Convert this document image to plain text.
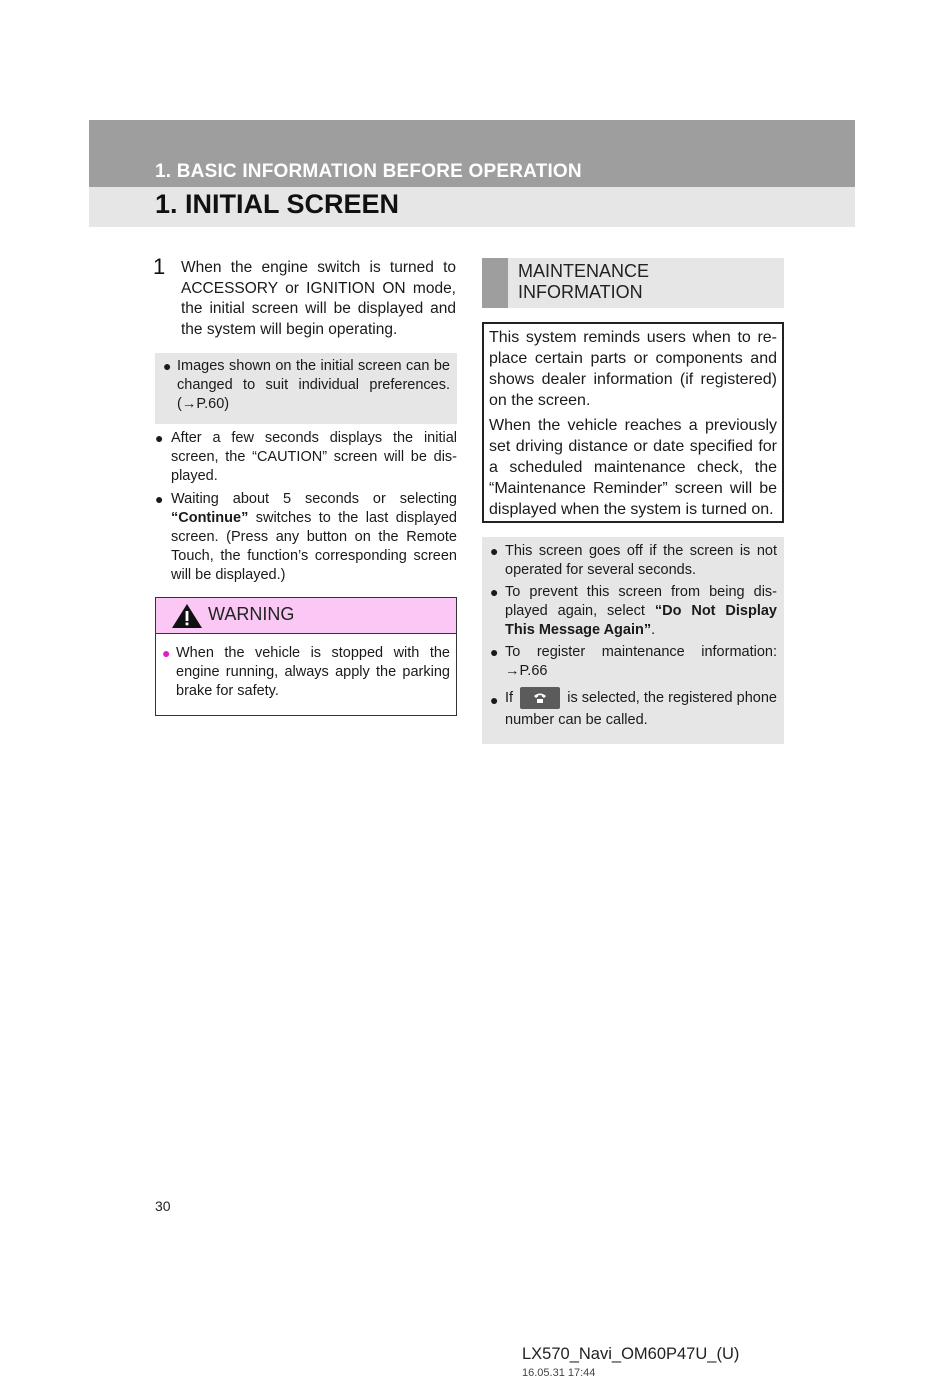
1. BASIC INFORMATION BEFORE OPERATION
1. INITIAL SCREEN
1 When the engine switch is turned to ACCESSORY or IGNITION ON mode, the initial screen will be displayed and the system will begin operating.
● Images shown on the initial screen can be changed to suit individual preferences. (→P.60)
● After a few seconds displays the initial screen, the “CAUTION” screen will be dis-played.
● Waiting about 5 seconds or selecting “Continue” switches to the last displayed screen. (Press any button on the Remote Touch, the function’s corresponding screen will be displayed.)
WARNING
● When the vehicle is stopped with the engine running, always apply the parking brake for safety.
MAINTENANCE
INFORMATION

This system reminds users when to re-place certain parts or components and shows dealer information (if registered) on the screen.

When the vehicle reaches a previously set driving distance or date specified for a scheduled maintenance check, the “Maintenance Reminder” screen will be displayed when the system is turned on.

● This screen goes off if the screen is not operated for several seconds.
● To prevent this screen from being dis-played again, select “Do Not Display This Message Again”.
● To register maintenance information:
→P.66
● If	is selected, the registered phone number can be called.
30
LX570_Navi_OM60P47U_(U)
16.05.31 17:44
